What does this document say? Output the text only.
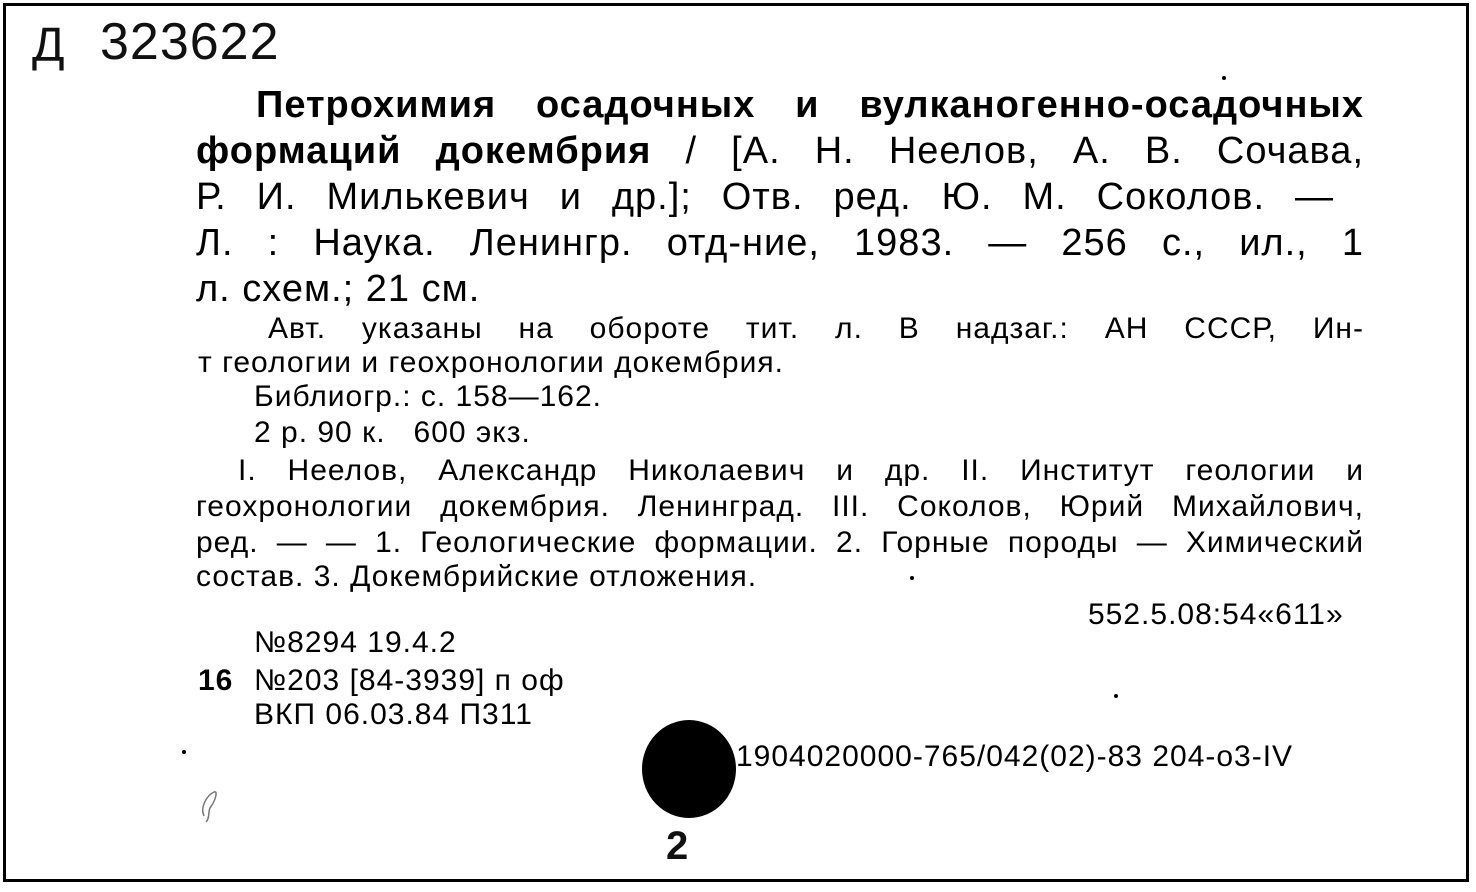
Д 323622
Петрохимия осадочных и вулканогенно-осадочных
формаций докембрия / [А. Н. Неелов, А. В. Сочава,
Р. И. Милькевич и др.]; Отв. ред. Ю. М. Соколов. —
Л. : Наука. Ленингр. отд-ние, 1983. — 256 с., ил., 1
л. схем.; 21 см.
Авт. указаны на обороте тит. л. В надзаг.: АН СССР, Ин-
т геологии и геохронологии докембрия.
Библиогр.: с. 158—162.
2 р. 90 к.   600 экз.
I. Неелов, Александр Николаевич и др. II. Институт геологии и
геохронологии докембрия. Ленинград. III. Соколов, Юрий Михайлович,
ред. — — 1. Геологические формации. 2. Горные породы — Химический
состав. 3. Докембрийские отложения.
552.5.08:54«611»
№8294 19.4.2
16 №203 [84-3939] п оф
ВКП 06.03.84 П311
1904020000-765/042(02)-83 204-о3-IV
2
